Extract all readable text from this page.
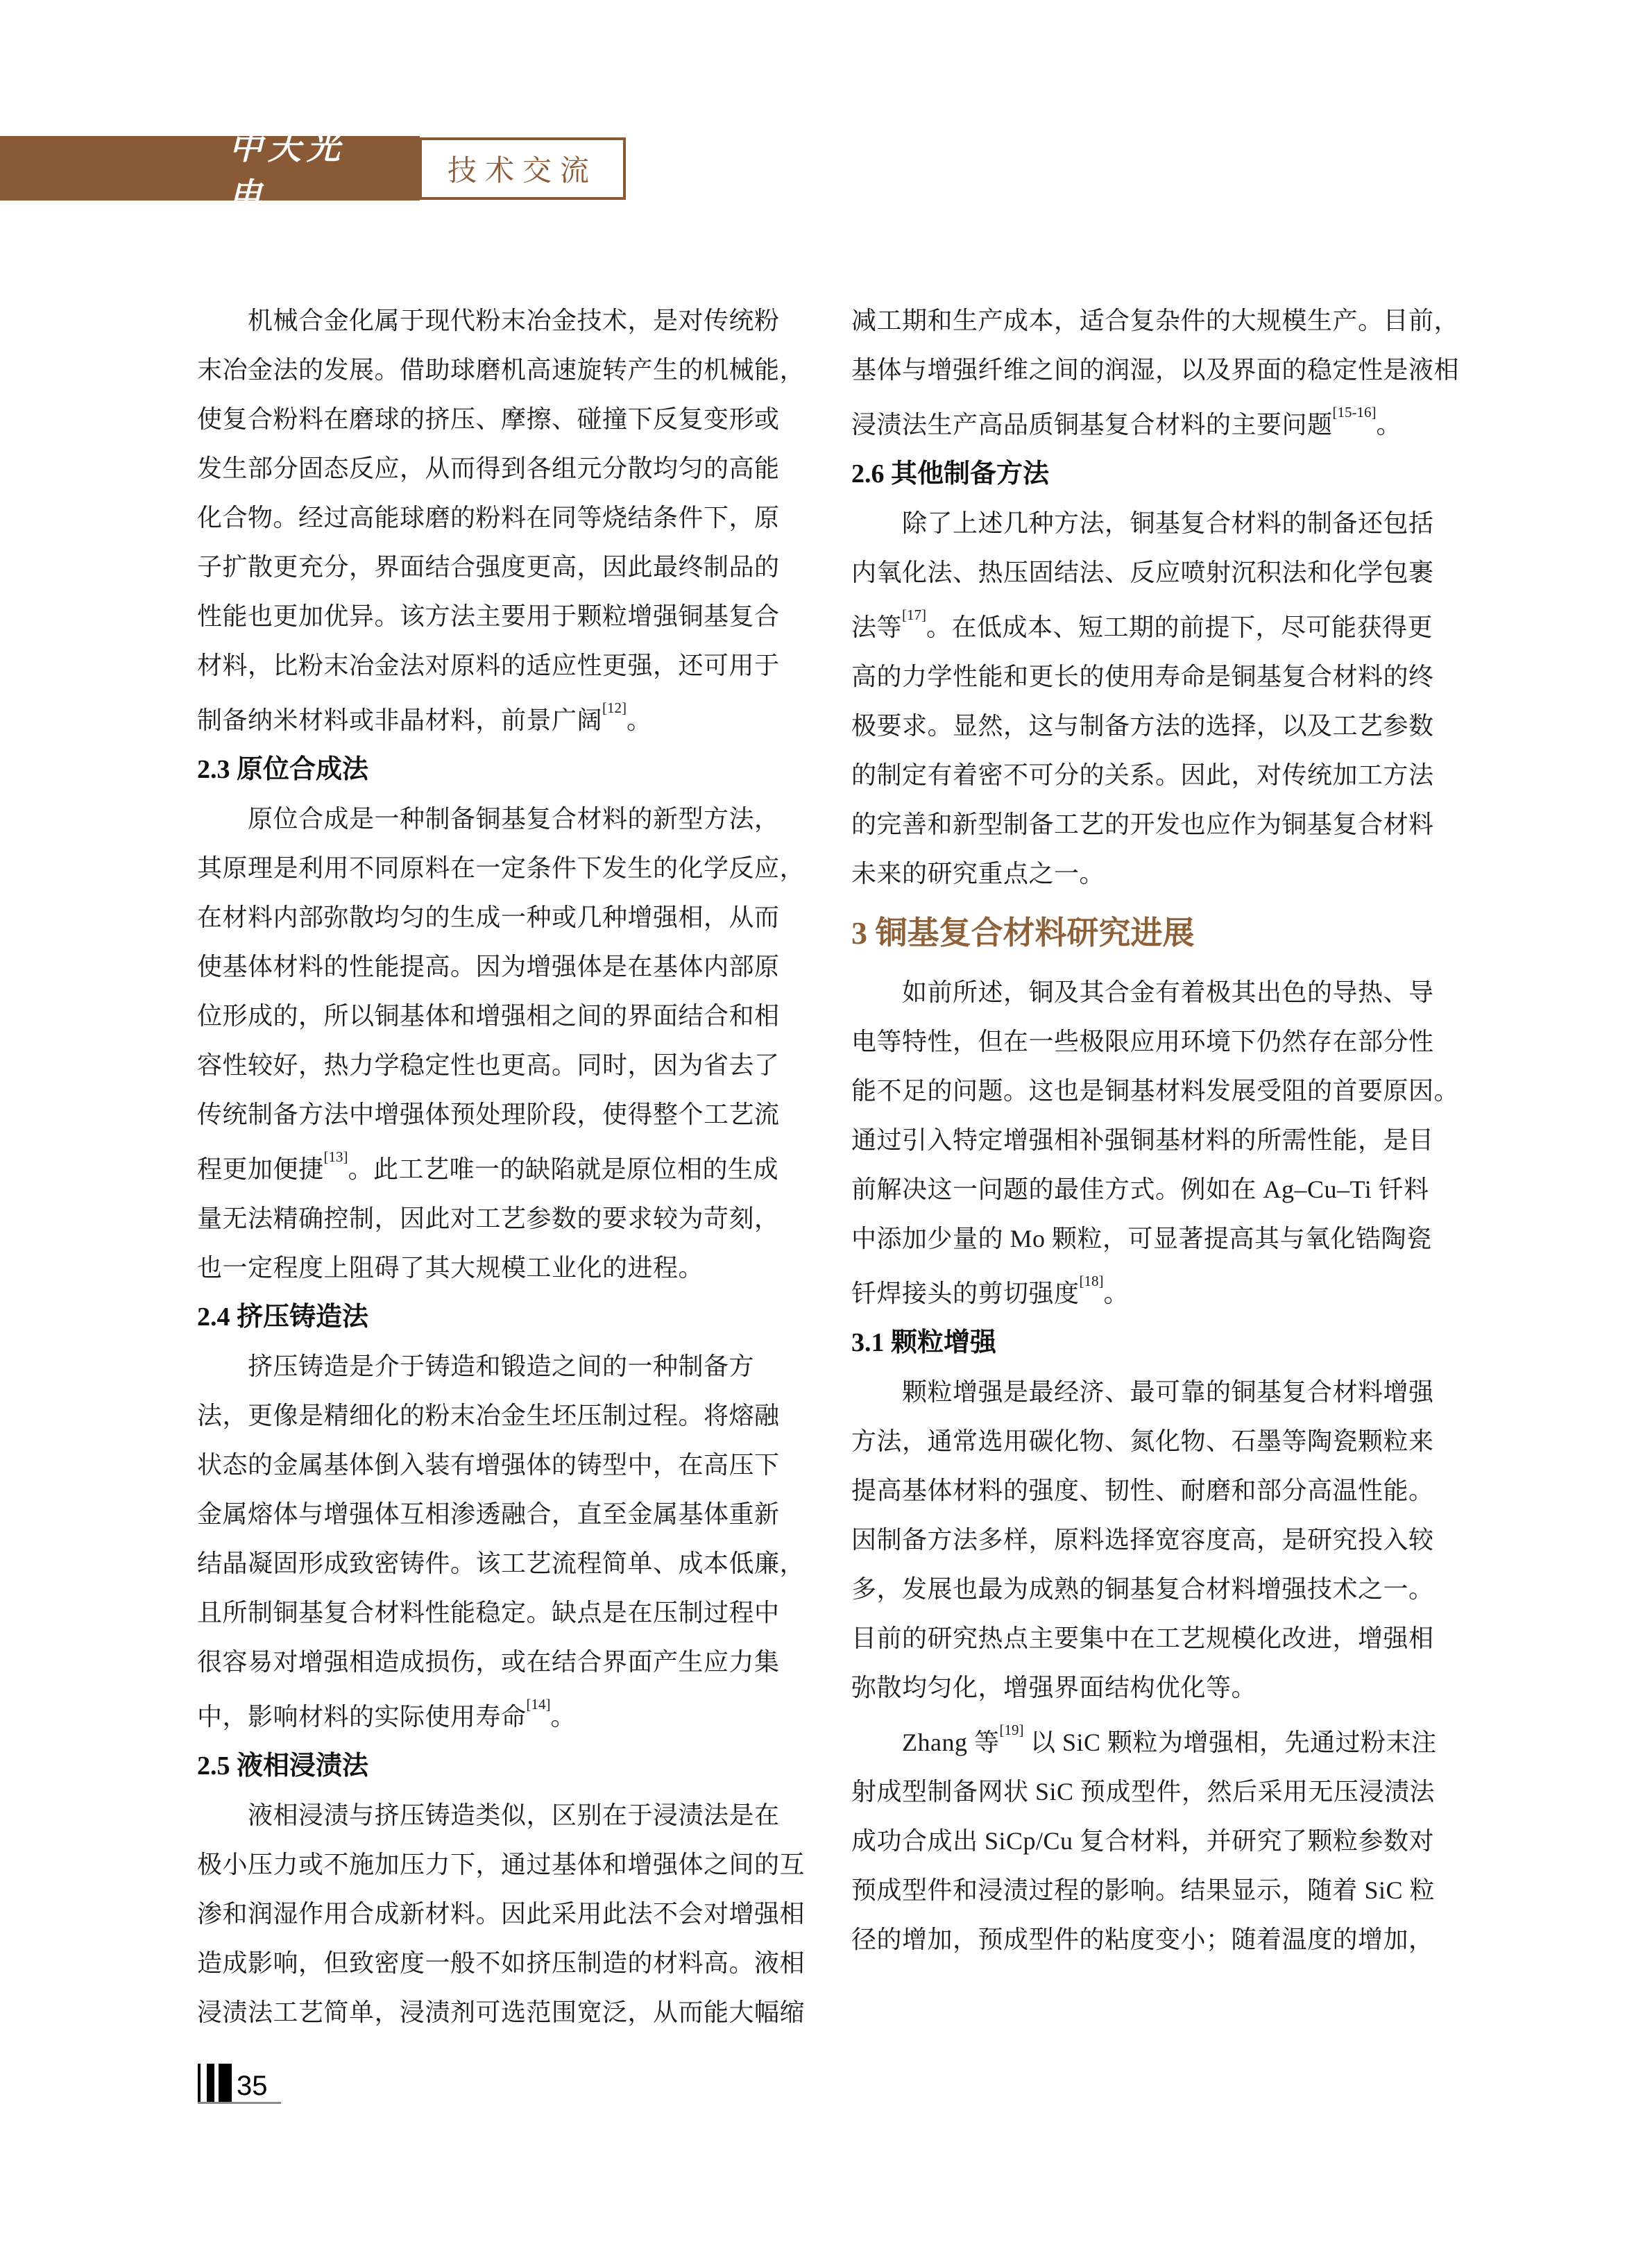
中天光电
技术交流
　　机械合金化属于现代粉末冶金技术，是对传统粉
末冶金法的发展。借助球磨机高速旋转产生的机械能，
使复合粉料在磨球的挤压、摩擦、碰撞下反复变形或
发生部分固态反应，从而得到各组元分散均匀的高能
化合物。经过高能球磨的粉料在同等烧结条件下，原
子扩散更充分，界面结合强度更高，因此最终制品的
性能也更加优异。该方法主要用于颗粒增强铜基复合
材料，比粉末冶金法对原料的适应性更强，还可用于
制备纳米材料或非晶材料，前景广阔[12]。
2.3 原位合成法
　　原位合成是一种制备铜基复合材料的新型方法，
其原理是利用不同原料在一定条件下发生的化学反应，
在材料内部弥散均匀的生成一种或几种增强相，从而
使基体材料的性能提高。因为增强体是在基体内部原
位形成的，所以铜基体和增强相之间的界面结合和相
容性较好，热力学稳定性也更高。同时，因为省去了
传统制备方法中增强体预处理阶段，使得整个工艺流
程更加便捷[13]。此工艺唯一的缺陷就是原位相的生成
量无法精确控制，因此对工艺参数的要求较为苛刻，
也一定程度上阻碍了其大规模工业化的进程。
2.4 挤压铸造法
　　挤压铸造是介于铸造和锻造之间的一种制备方
法，更像是精细化的粉末冶金生坯压制过程。将熔融
状态的金属基体倒入装有增强体的铸型中，在高压下
金属熔体与增强体互相渗透融合，直至金属基体重新
结晶凝固形成致密铸件。该工艺流程简单、成本低廉，
且所制铜基复合材料性能稳定。缺点是在压制过程中
很容易对增强相造成损伤，或在结合界面产生应力集
中，影响材料的实际使用寿命[14]。
2.5 液相浸渍法
　　液相浸渍与挤压铸造类似，区别在于浸渍法是在
极小压力或不施加压力下，通过基体和增强体之间的互
渗和润湿作用合成新材料。因此采用此法不会对增强相
造成影响，但致密度一般不如挤压制造的材料高。液相
浸渍法工艺简单，浸渍剂可选范围宽泛，从而能大幅缩
减工期和生产成本，适合复杂件的大规模生产。目前，
基体与增强纤维之间的润湿，以及界面的稳定性是液相
浸渍法生产高品质铜基复合材料的主要问题[15-16]。
2.6 其他制备方法
　　除了上述几种方法，铜基复合材料的制备还包括
内氧化法、热压固结法、反应喷射沉积法和化学包裹
法等[17]。在低成本、短工期的前提下，尽可能获得更
高的力学性能和更长的使用寿命是铜基复合材料的终
极要求。显然，这与制备方法的选择，以及工艺参数
的制定有着密不可分的关系。因此，对传统加工方法
的完善和新型制备工艺的开发也应作为铜基复合材料
未来的研究重点之一。
3 铜基复合材料研究进展
　　如前所述，铜及其合金有着极其出色的导热、导
电等特性，但在一些极限应用环境下仍然存在部分性
能不足的问题。这也是铜基材料发展受阻的首要原因。
通过引入特定增强相补强铜基材料的所需性能，是目
前解决这一问题的最佳方式。例如在 Ag–Cu–Ti 钎料
中添加少量的 Mo 颗粒，可显著提高其与氧化锆陶瓷
钎焊接头的剪切强度[18]。
3.1 颗粒增强
　　颗粒增强是最经济、最可靠的铜基复合材料增强
方法，通常选用碳化物、氮化物、石墨等陶瓷颗粒来
提高基体材料的强度、韧性、耐磨和部分高温性能。
因制备方法多样，原料选择宽容度高，是研究投入较
多，发展也最为成熟的铜基复合材料增强技术之一。
目前的研究热点主要集中在工艺规模化改进，增强相
弥散均匀化，增强界面结构优化等。
　　Zhang 等[19] 以 SiC 颗粒为增强相，先通过粉末注
射成型制备网状 SiC 预成型件，然后采用无压浸渍法
成功合成出 SiCp/Cu 复合材料，并研究了颗粒参数对
预成型件和浸渍过程的影响。结果显示，随着 SiC 粒
径的增加，预成型件的粘度变小；随着温度的增加，
35
